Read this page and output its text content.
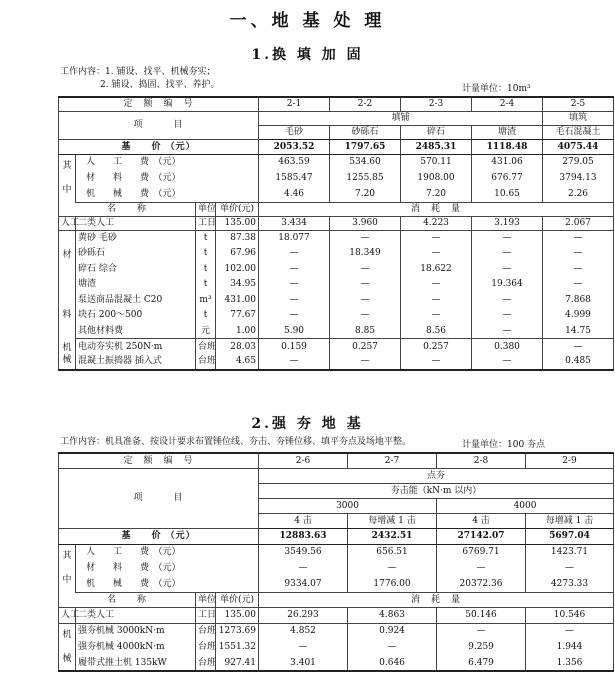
一、地 基 处 理
1.换 填 加 固
工作内容：1. 铺设、找平、机械夯实；
2. 铺设、捣固、找平、养护。	计量单位：10m³
定　额　编　号				2-1	2-2	2-3	2-4	2-5
项　　　目				填铺				填筑
				毛砂	砂砾石	碎石	塘渣	毛石混凝土
基　　价 （元）				2053.52	1797.65	2485.31	1118.48	4075.44
其

中	人　　工　　费　（元）			463.59	534.60	570.11	431.06	279.05
	材　　料　　费　（元）			1585.47	1255.85	1908.00	676.77	3794.13
	机　　械　　费　（元）			4.46	7.20	7.20	10.65	2.26
名　　称		单位	单价(元)	消　耗　量				
人工	二类人工	工日	135.00	3.434	3.960	4.223	3.193	2.067
材

料	黄砂 毛砂	t	87.38	18.077	—	—	—	—
	砂砾石	t	67.96	—	18.349	—	—	—
	碎石 综合	t	102.00	—	—	18.622	—	—
	塘渣	t	34.95	—	—	—	19.364	—
	泵送商品混凝土 C20	m³	431.00	—	—	—	—	7.868
	块石 200～500	t	77.67	—	—	—	—	4.999
	其他材料费	元	1.00	5.90	8.85	8.56	—	14.75
机
械	电动夯实机 250N·m	台班	28.03	0.159	0.257	0.257	0.380	—
	混凝土振捣器 插入式	台班	4.65	—	—	—	—	0.485
2.强 夯 地 基
工作内容：机具准备、按设计要求布置锤位线、夯击、夯锤位移、填平夯点及场地平整。	计量单位：100 夯点
定　额　编　号				2-6	2-7	2-8	2-9
项　　　目				点夯			
				夯击能（kN·m 以内）			
				3000		4000	
				4 击	每增减 1 击	4 击	每增减 1 击
基　　价 （元）				12883.63	2432.51	27142.07	5697.04
其

中	人　　工　　费　（元）			3549.56	656.51	6769.71	1423.71
	材　　料　　费　（元）			—	—	—	—
	机　　械　　费　（元）			9334.07	1776.00	20372.36	4273.33
名　　称		单位	单价(元)	消　耗　量			
人工	二类人工	工日	135.00	26.293	4.863	50.146	10.546
机

械	强夯机械 3000kN·m	台班	1273.69	4.852	0.924	—	—
	强夯机械 4000kN·m	台班	1551.32	—	—	9.259	1.944
	履带式推土机 135kW	台班	927.41	3.401	0.646	6.479	1.356
